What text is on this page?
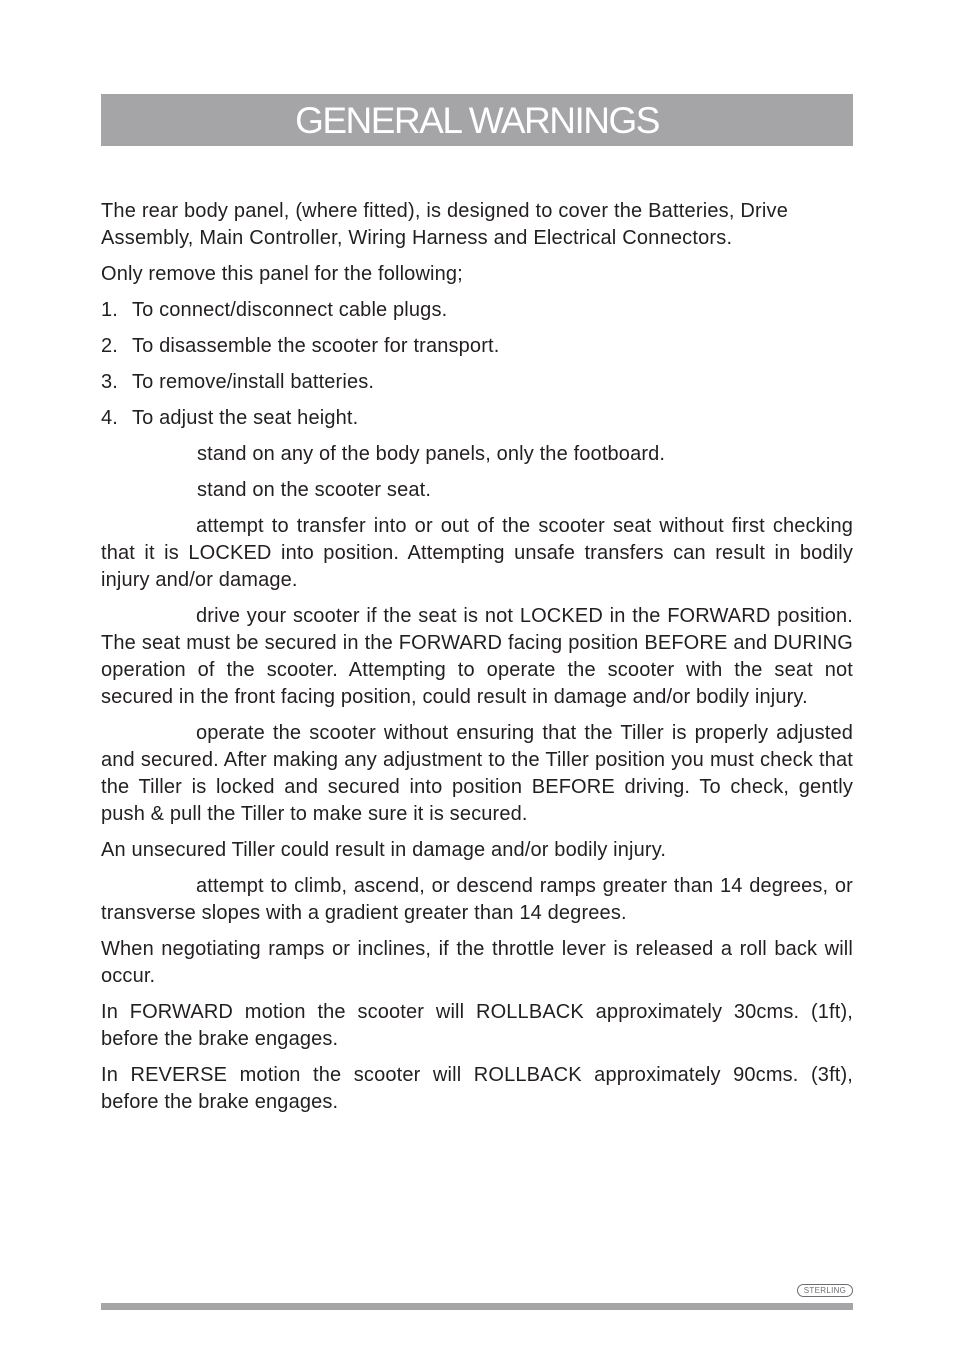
GENERAL WARNINGS

The rear body panel, (where fitted), is designed to cover the Batteries, Drive Assembly, Main Controller, Wiring Harness and Electrical Connectors.

Only remove this panel for the following;

1. To connect/disconnect cable plugs.
2. To disassemble the scooter for transport.
3. To remove/install batteries.
4. To adjust the seat height.

stand on any of the body panels, only the footboard.

stand on the scooter seat.

attempt to transfer into or out of the scooter seat without first checking that it is LOCKED into position. Attempting unsafe transfers can result in bodily injury and/or damage.

drive your scooter if the seat is not LOCKED in the FORWARD position. The seat must be secured in the FORWARD facing position BEFORE and DURING operation of the scooter. Attempting to operate the scooter with the seat not secured in the front facing position, could result in damage and/or bodily injury.

operate the scooter without ensuring that the Tiller is properly adjusted and secured. After making any adjustment to the Tiller position you must check that the Tiller is locked and secured into position BEFORE driving. To check, gently push & pull the Tiller to make sure it is secured.

An unsecured Tiller could result in damage and/or bodily injury.

attempt to climb, ascend, or descend ramps greater than 14 degrees, or transverse slopes with a gradient greater than 14 degrees.

When negotiating ramps or inclines, if the throttle lever is released a roll back will occur.

In FORWARD motion the scooter will ROLLBACK approximately 30cms. (1ft), before the brake engages.

In REVERSE motion the scooter will ROLLBACK approximately 90cms. (3ft), before the brake engages.

STERLING
